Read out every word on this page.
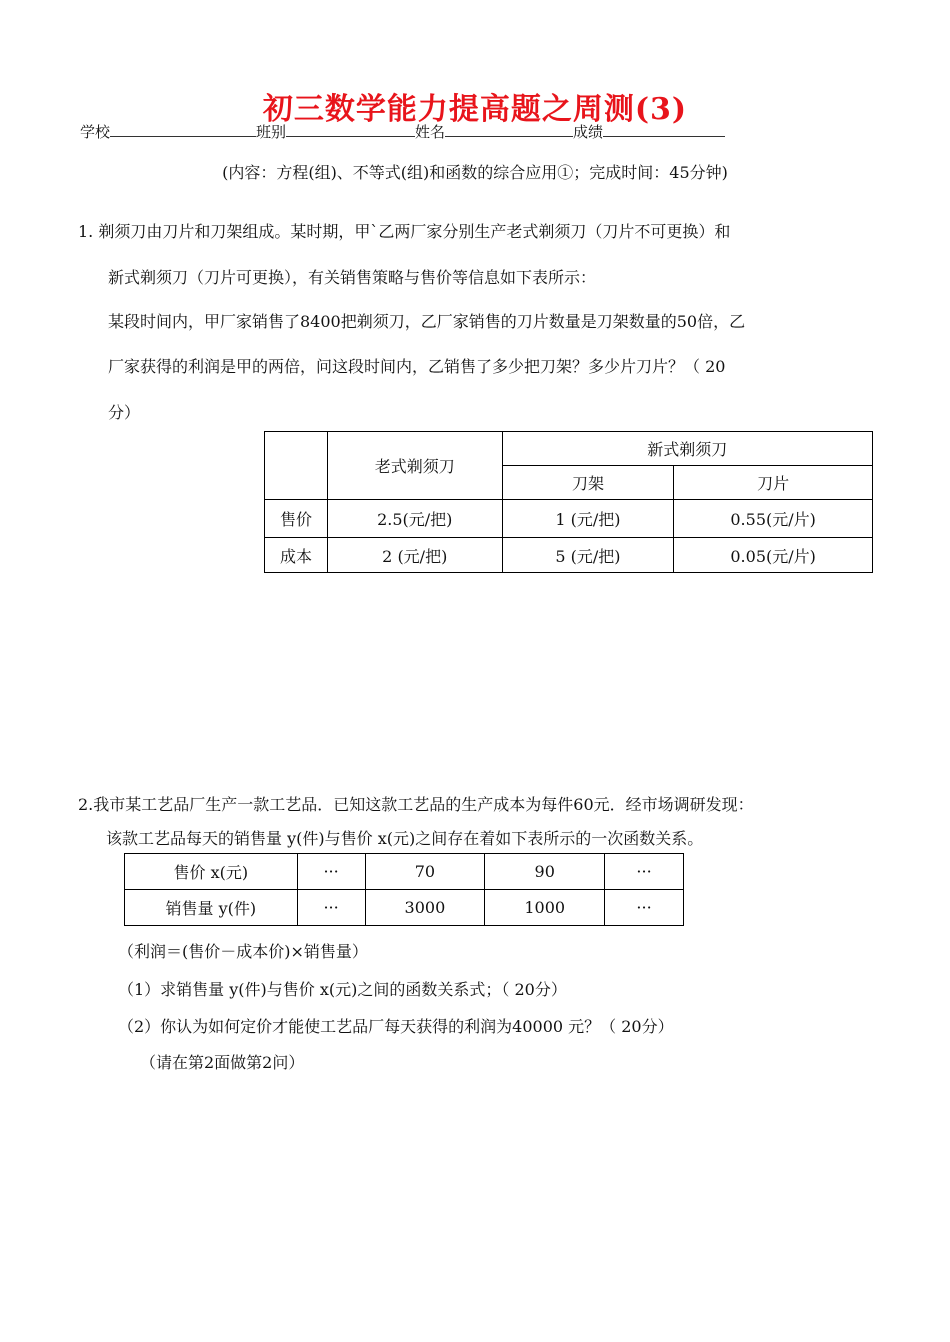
初三数学能力提高题之周测(3)
学校	班别	姓名	成绩
(内容：方程(组)、不等式(组)和函数的综合应用①；完成时间：45分钟)
1. 剃须刀由刀片和刀架组成。某时期，甲`乙两厂家分别生产老式剃须刀（刀片不可更换）和
新式剃须刀（刀片可更换），有关销售策略与售价等信息如下表所示：
某段时间内，甲厂家销售了8400把剃须刀，乙厂家销售的刀片数量是刀架数量的50倍，乙
厂家获得的利润是甲的两倍，问这段时间内，乙销售了多少把刀架？多少片刀片？（ 20
分）
	老式剃须刀	新式剃须刀	
		刀架	刀片
售价	2.5(元/把)	1 (元/把)	0.55(元/片)
成本	2 (元/把)	5 (元/把)	0.05(元/片)
2.我市某工艺品厂生产一款工艺品．已知这款工艺品的生产成本为每件60元．经市场调研发现：
该款工艺品每天的销售量 y(件)与售价 x(元)之间存在着如下表所示的一次函数关系。
售价 x(元)	···	70	90	···
销售量 y(件)	···	3000	1000	···
（利润＝(售价－成本价)×销售量）
（1）求销售量 y(件)与售价 x(元)之间的函数关系式；（ 20分）
（2）你认为如何定价才能使工艺品厂每天获得的利润为40000 元？（ 20分）
（请在第2面做第2问）
